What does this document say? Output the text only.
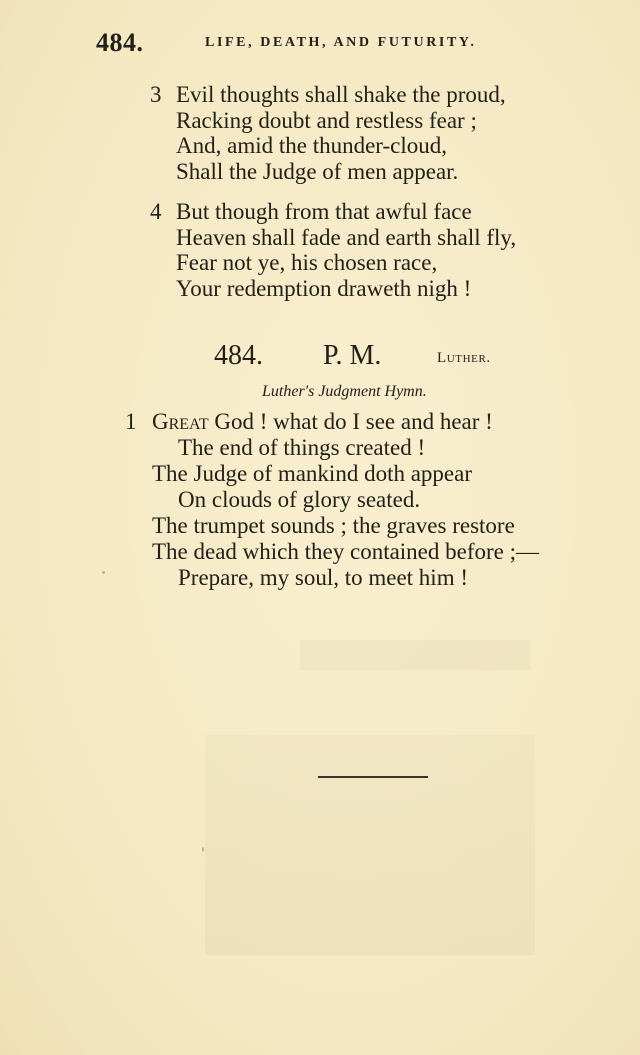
484.	LIFE, DEATH, AND FUTURITY.
3 Evil thoughts shall shake the proud,
Racking doubt and restless fear ;
And, amid the thunder-cloud,
Shall the Judge of men appear.
4 But though from that awful face
Heaven shall fade and earth shall fly,
Fear not ye, his chosen race,
Your redemption draweth nigh !
484. P. M.	Luther.
Luther's Judgment Hymn.
1 Great God ! what do I see and hear !
The end of things created !
The Judge of mankind doth appear
On clouds of glory seated.
The trumpet sounds ; the graves restore
The dead which they contained before ;—
Prepare, my soul, to meet him !
